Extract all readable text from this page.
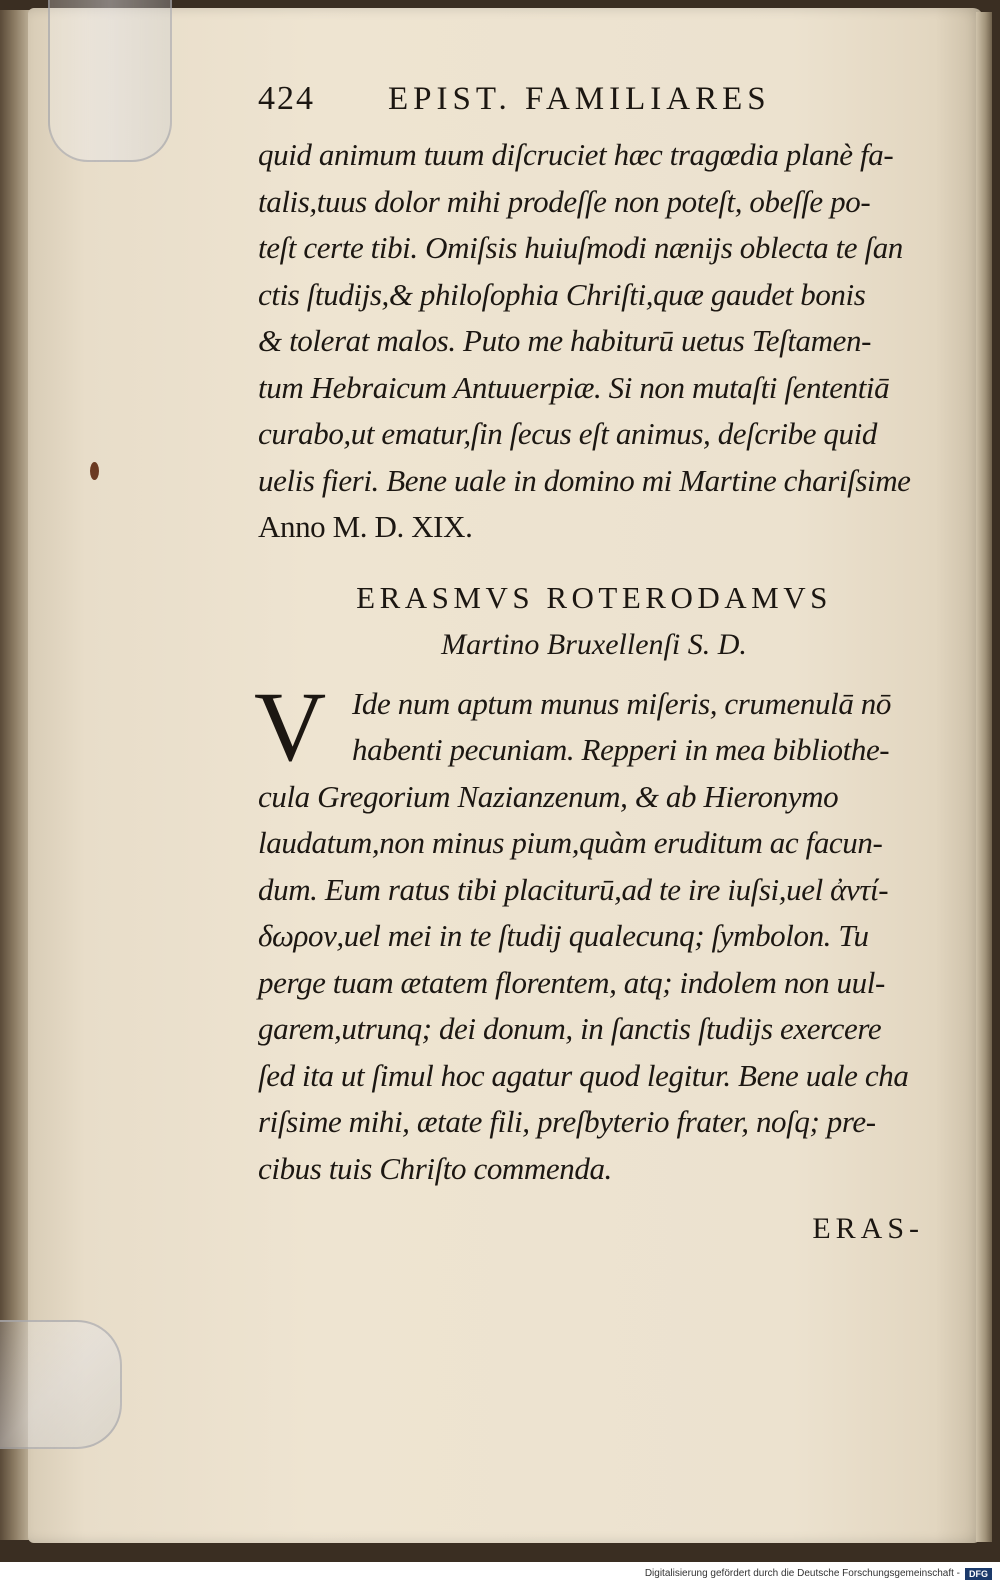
424	EPIST. FAMILIARES
quid animum tuum diſcruciet hæc tragœdia planè fa-
talis,tuus dolor mihi prodeſſe non poteſt, obeſſe po-
teſt certe tibi. Omiſsis huiuſmodi nænijs oblecta te ſan
ctis ſtudijs,& philoſophia Chriſti,quæ gaudet bonis
& tolerat malos. Puto me habiturū uetus Teſtamen-
tum Hebraicum Antuuerpiæ. Si non mutaſti ſententiā
curabo,ut ematur,ſin ſecus eſt animus, deſcribe quid
uelis fieri. Bene uale in domino mi Martine chariſsime
Anno M. D. XIX.
ERASMVS ROTERODAMVS
Martino Bruxellenſi S. D.
V Ide num aptum munus miſeris, crumenulā nō
habenti pecuniam. Repperi in mea bibliothe-
cula Gregorium Nazianzenum, & ab Hieronymo
laudatum,non minus pium,quàm eruditum ac facun-
dum. Eum ratus tibi placiturū,ad te ire iuſsi,uel ἀντί-
δωρον,uel mei in te ſtudij qualecunq; ſymbolon. Tu
perge tuam ætatem florentem, atq; indolem non uul-
garem,utrunq; dei donum, in ſanctis ſtudijs exercere
ſed ita ut ſimul hoc agatur quod legitur. Bene uale cha
riſsime mihi, ætate fili, preſbyterio frater, noſq; pre-
cibus tuis Chriſto commenda.
ERAS-
Digitalisierung gefördert durch die Deutsche Forschungsgemeinschaft -	DFG
